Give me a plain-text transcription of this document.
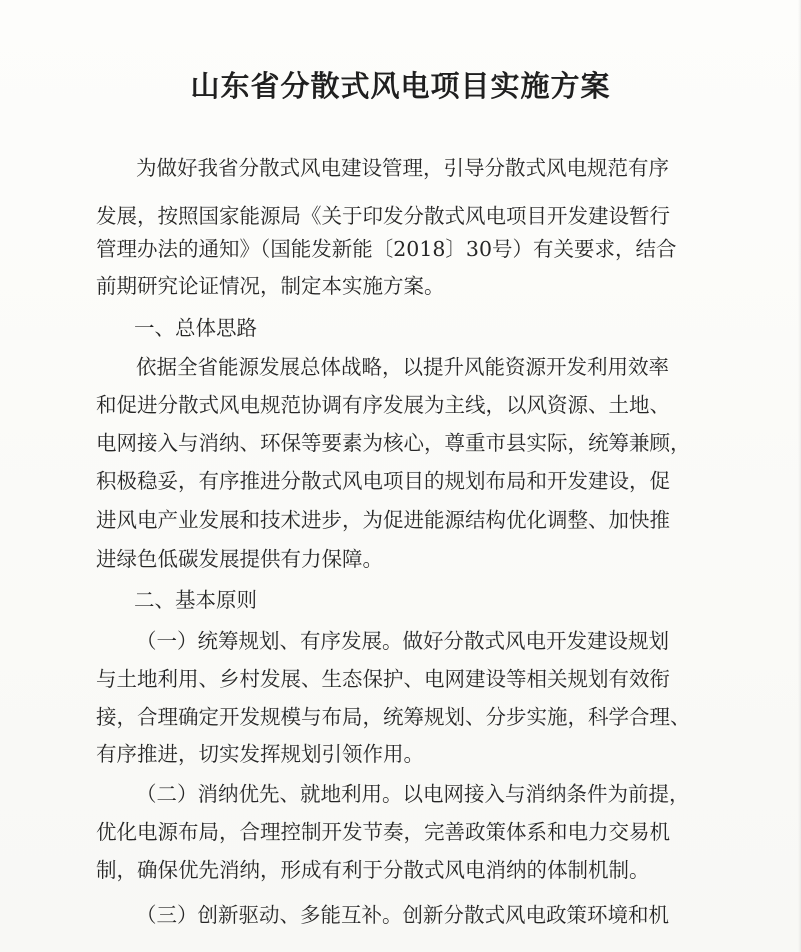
山东省分散式风电项目实施方案
为做好我省分散式风电建设管理，引导分散式风电规范有序
发展，按照国家能源局《关于印发分散式风电项目开发建设暂行
管理办法的通知》（国能发新能〔2018〕30号）有关要求，结合
前期研究论证情况，制定本实施方案。
一、总体思路
依据全省能源发展总体战略，以提升风能资源开发利用效率
和促进分散式风电规范协调有序发展为主线，以风资源、土地、
电网接入与消纳、环保等要素为核心，尊重市县实际，统筹兼顾，
积极稳妥，有序推进分散式风电项目的规划布局和开发建设，促
进风电产业发展和技术进步，为促进能源结构优化调整、加快推
进绿色低碳发展提供有力保障。
二、基本原则
（一）统筹规划、有序发展。做好分散式风电开发建设规划
与土地利用、乡村发展、生态保护、电网建设等相关规划有效衔
接，合理确定开发规模与布局，统筹规划、分步实施，科学合理、
有序推进，切实发挥规划引领作用。
（二）消纳优先、就地利用。以电网接入与消纳条件为前提，
优化电源布局，合理控制开发节奏，完善政策体系和电力交易机
制，确保优先消纳，形成有利于分散式风电消纳的体制机制。
（三）创新驱动、多能互补。创新分散式风电政策环境和机
